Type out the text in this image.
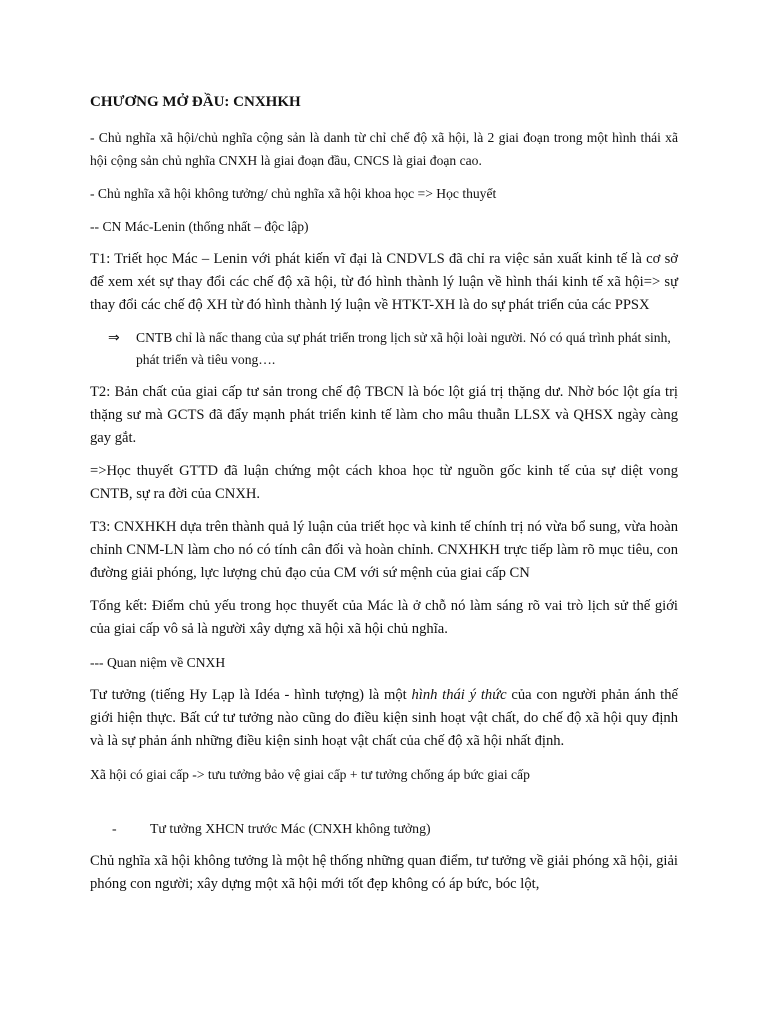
CHƯƠNG MỞ ĐẦU: CNXHKH

- Chủ nghĩa xã hội/chủ nghĩa cộng sản là danh từ chỉ chế độ xã hội, là 2 giai đoạn trong một hình thái xã hội cộng sản chủ nghĩa CNXH là giai đoạn đầu, CNCS là giai đoạn cao.

- Chủ nghĩa xã hội không tưởng/ chủ nghĩa xã hội khoa học => Học thuyết

-- CN Mác-Lenin (thống nhất – độc lập)

T1: Triết học Mác – Lenin với phát kiến vĩ đại là CNDVLS đã chỉ ra việc sản xuất kinh tế là cơ sở để xem xét sự thay đổi các chế độ xã hội, từ đó hình thành lý luận về hình thái kinh tế xã hội=> sự thay đổi các chế độ XH từ đó hình thành lý luận về HTKT-XH là do sự phát triển của các PPSX

⇒	CNTB chỉ là nấc thang của sự phát triển trong lịch sử xã hội loài người. Nó có quá trình phát sinh, phát triển và tiêu vong….

T2: Bản chất của giai cấp tư sản trong chế độ TBCN là bóc lột giá trị thặng dư. Nhờ bóc lột gía trị thặng sư mà GCTS đã đẩy mạnh phát triển kinh tế làm cho mâu thuẫn LLSX và QHSX ngày càng gay gắt.

=>Học thuyết GTTD đã luận chứng một cách khoa học từ nguồn gốc kinh tế của sự diệt vong CNTB, sự ra đời của CNXH.

T3: CNXHKH dựa trên thành quả lý luận của triết học và kinh tế chính trị nó vừa bổ sung, vừa hoàn chỉnh CNM-LN làm cho nó có tính cân đối và hoàn chỉnh. CNXHKH trực tiếp làm rõ mục tiêu, con đường giải phóng, lực lượng chủ đạo của CM với sứ mệnh của giai cấp CN

Tổng kết: Điểm chủ yếu trong học thuyết của Mác là ở chỗ nó làm sáng rõ vai trò lịch sử thế giới của giai cấp vô sả là người xây dựng xã hội xã hội chủ nghĩa.

--- Quan niệm về CNXH

Tư tưởng (tiếng Hy Lạp là Idéa - hình tượng) là một hình thái ý thức của con người phản ánh thế giới hiện thực. Bất cứ tư tưởng nào cũng do điều kiện sinh hoạt vật chất, do chế độ xã hội quy định và là sự phản ánh những điều kiện sinh hoạt vật chất của chế độ xã hội nhất định.

Xã hội có giai cấp -> tưu tưởng bảo vệ giai cấp + tư tưởng chống áp bức giai cấp

-	Tư tưởng XHCN trước Mác (CNXH không tưởng)

Chủ nghĩa xã hội không tưởng là một hệ thống những quan điểm, tư tưởng về giải phóng xã hội, giải phóng con người; xây dựng một xã hội mới tốt đẹp không có áp bức, bóc lột,
